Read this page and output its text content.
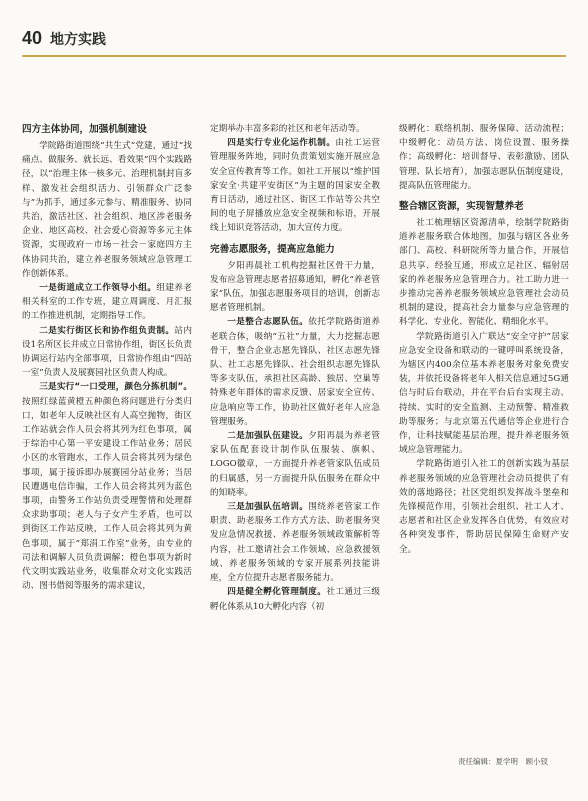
40 地方实践
四方主体协同，加强机制建设

学院路街道围绕“共生式”党建，通过“找痛点、做服务、就长远、看效果”四个实践路径，以“治理主体一核多元、治理机制封盲多样、激发社会组织活力、引领群众广泛参与”为抓手，通过多元参与、精准服务、协同共治，激活社区、社会组织、地区涉老服务企业、地区高校、社会爱心资源等多元主体资源，实现政府－市场－社会－家庭四方主体协同共治，建立养老服务领域应急管理工作创新体系。

一是街道成立工作领导小组。组建养老相关科室的工作专班，建立周调度、月汇报的工作推进机制，定期指导工作。

二是实行街区长和协作组负责制。站内设1名所区长并成立日常协作组，街区长负责协调运行站内全部事项，日常协作组由“四站一室”负责人及展赛园社区负责人构成。

三是实行“一口受理，颜色分拣机制”。按照红绿蓝黄橙五种颜色将问题进行分类归口，如老年人反映社区有人高空抛物，街区工作站就会作人员会将其列为红色事项，属于综治中心第一平安建设工作站业务；居民小区的水管跑水，工作人员会将其列为绿色事项，属于接诉即办展赛园分站业务；当居民遭遇电信诈骗，工作人员会将其列为蓝色事项，由警务工作站负责受理警情和处理群众求助事项；老人与子女产生矛盾，也可以到街区工作站反映，工作人员会将其列为黄色事项，属于“郑涓工作室”业务，由专业的司法和调解人员负责调解；橙色事项为新时代文明实践站业务，收集群众对文化实践活动、图书借阅等服务的需求建议，

定期举办丰富多彩的社区和老年活动等。

四是实行专业化运作机制。由社工运营管理服务阵地，同时负责策划实施开展应急安全宣传教育等工作。如社工开展以“维护国家安全·共建平安街区”为主题的国家安全教育日活动，通过社区、街区工作站等公共空间的电子屏播放应急安全视频和标语，开展线上知识竞答活动，加大宣传力度。

完善志愿服务，提高应急能力

夕阳再晨社工机构挖掘社区骨干力量，发布应急管理志愿者招募通知，孵化“养老管家”队伍，加强志愿服务项目的培训，创新志愿者管理机制。

一是整合志愿队伍。依托学院路街道养老联合体，吸纳“五社”力量，大力挖掘志愿骨干，整合企业志愿先锋队、社区志愿先锋队、社工志愿先锋队、社会组织志愿先锋队等多支队伍，承担社区高龄、独居、空巢等特殊老年群体的需求反馈、居家安全宣传、应急响应等工作，协助社区做好老年人应急管理服务。

二是加强队伍建设。夕阳再晨为养老管家队伍配套设计制作队伍服装、旗帜、LOGO徽章，一方面提升养老管家队伍成员的归属感，另一方面提升队伍服务在群众中的知晓率。

三是加强队伍培训。围绕养老管家工作职责、助老服务工作方式方法、助老服务突发应急情况救援、养老服务领域政策解析等内容，社工邀请社会工作领域、应急救援领域、养老服务领域的专家开展系列技能讲座，全方位提升志愿者服务能力。

四是健全孵化管理制度。社工通过三级孵化体系从10大孵化内容（初

级孵化：联络机制、服务保障、活动流程；中级孵化：动员方法、岗位设置、服务操作；高级孵化：培训督导、表彰激励、团队管理、队长培育），加强志愿队伍制度建设，提高队伍管理能力。

整合辖区资源，实现智慧养老

社工梳理辖区资源清单，绘制学院路街道养老服务联合体地图，加强与辖区各业务部门、高校、科研院所等力量合作，开展信息共享、经验互通，形成立足社区、辐射居家的养老服务应急管理合力。社工助力进一步推动完善养老服务领域应急管理社会动员机制的建设，提高社会力量参与应急管理的科学化、专业化、智能化、精细化水平。

学院路街道引入广联达“安全守护”居家应急安全设备和联动的一键呼叫系统设备，为辖区内400余位基本养老服务对象免费安装，并依托设备将老年人相关信息通过5G通信与时后台联动，并在平台后台实现主动、持续、实时的安全监测、主动预警、精准救助等服务；与北京第五代通信等企业进行合作，让科技赋能基层治理，提升养老服务领域应急管理能力。

学院路街道引入社工的创新实践为基层养老服务领域的应急管理社会动员提供了有效的落地路径；社区党组织发挥战斗堡垒和先锋模范作用，引领社会组织、社工人才、志愿者和社区企业发挥各自优势，有效应对各种突发事件，帮助居民保障生命财产安全。

责任编辑：夏学明　顾小钗
